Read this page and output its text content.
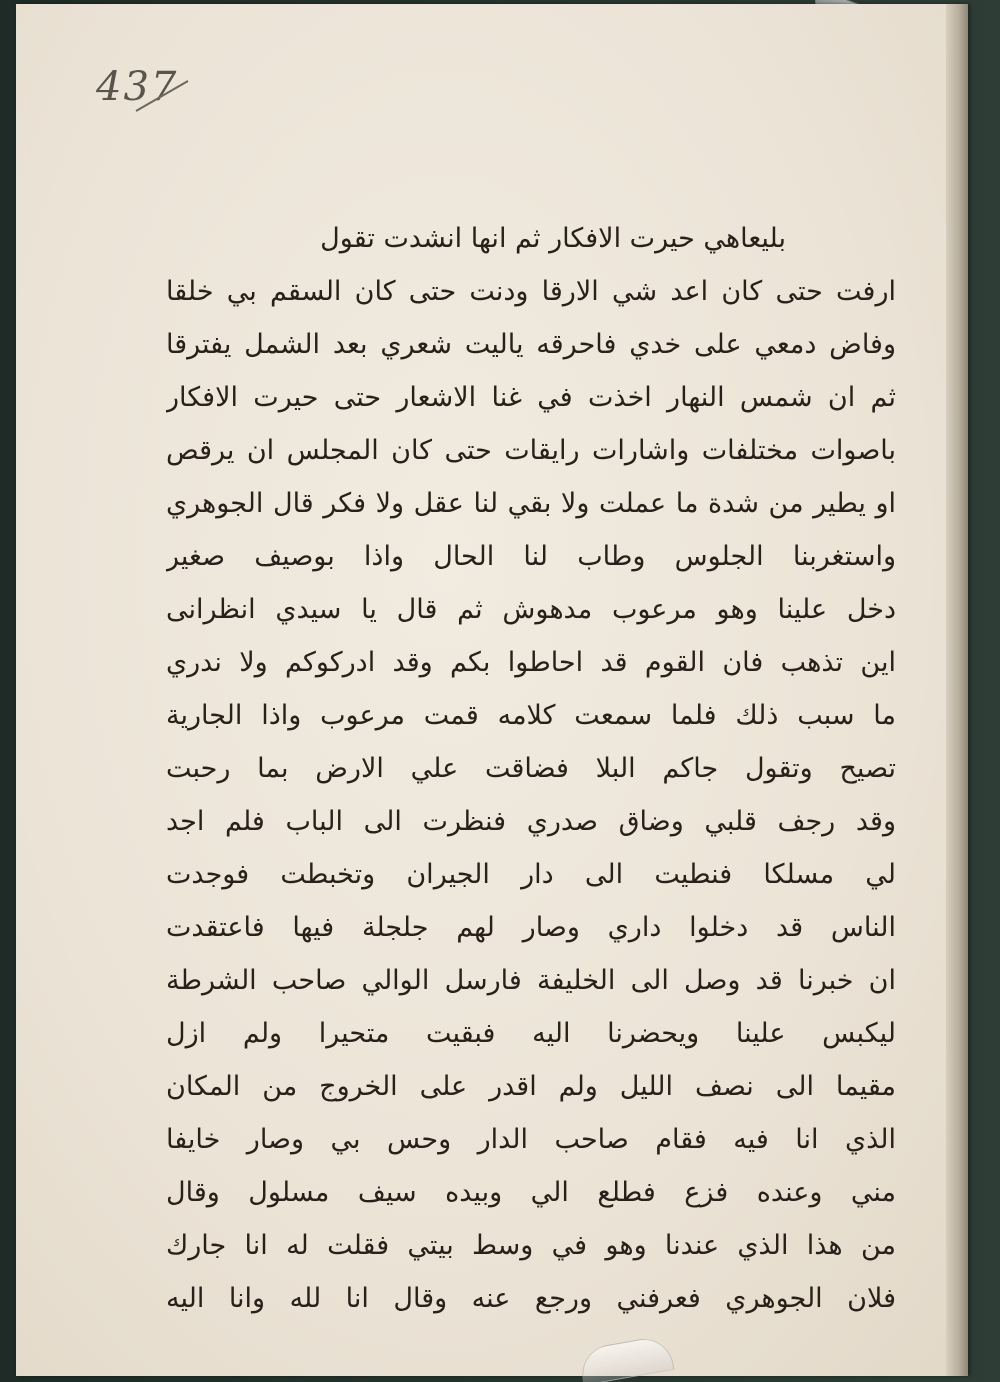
437
بليعاهي حيرت الافكار ثم انها انشدت تقول
ارفت حتى كان اعد شي الارقا ودنت حتى كان السقم بي خلقا
وفاض دمعي على خدي فاحرقه ياليت شعري بعد الشمل يفترقا
ثم ان شمس النهار اخذت في غنا الاشعار حتى حيرت الافكار
باصوات مختلفات واشارات رايقات حتى كان المجلس ان يرقص
او يطير من شدة ما عملت ولا بقي لنا عقل ولا فكر قال الجوهري
واستغربنا الجلوس وطاب لنا الحال واذا بوصيف صغير
دخل علينا وهو مرعوب مدهوش ثم قال يا سيدي انظرانی
اين تذهب فان القوم قد احاطوا بكم وقد ادركوكم ولا ندري
ما سبب ذلك فلما سمعت كلامه قمت مرعوب واذا الجارية
تصيح وتقول جاكم البلا فضاقت علي الارض بما رحبت
وقد رجف قلبي وضاق صدري فنظرت الى الباب فلم اجد
لي مسلكا فنطيت الى دار الجيران وتخبطت فوجدت
الناس قد دخلوا داري وصار لهم جلجلة فيها فاعتقدت
ان خبرنا قد وصل الى الخليفة فارسل الوالي صاحب الشرطة
ليكبس علينا ويحضرنا اليه فبقيت متحيرا ولم ازل
مقيما الى نصف الليل ولم اقدر على الخروج من المكان
الذي انا فيه فقام صاحب الدار وحس بي وصار خايفا
مني وعنده فزع فطلع الي وبيده سيف مسلول وقال
من هذا الذي عندنا وهو في وسط بيتي فقلت له انا جارك
فلان الجوهري فعرفني ورجع عنه وقال انا لله وانا اليه
